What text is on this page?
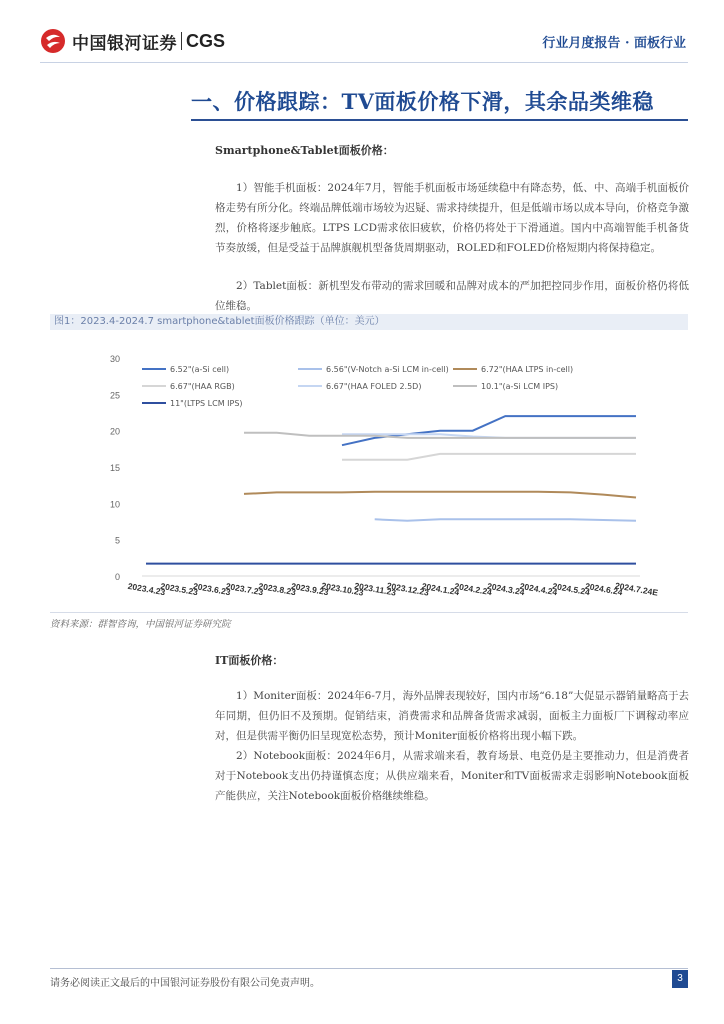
中国银河证券 CGS	行业月度报告 · 面板行业
一、价格跟踪：TV面板价格下滑，其余品类维稳
Smartphone&Tablet面板价格：
1）智能手机面板：2024年7月，智能手机面板市场延续稳中有降态势，低、中、高端手机面板价格走势有所分化。终端品牌低端市场较为迟疑、需求持续提升，但是低端市场以成本导向，价格竞争激烈，价格将逐步触底。LTPS LCD需求依旧疲软，价格仍将处于下滑通道。国内中高端智能手机备货节奏放缓，但是受益于品牌旗舰机型备货周期驱动，ROLED和FOLED价格短期内将保持稳定。
2）Tablet面板：新机型发布带动的需求回暖和品牌对成本的严加把控同步作用，面板价格仍将低位维稳。
图1：2023.4-2024.7 smartphone&tablet面板价格跟踪（单位：美元）
0
5
10
15
20
25
30
2023.4.23
2023.5.23
2023.6.23
2023.7.23
2023.8.23
2023.9.23
2023.10.23
2023.11.23
2023.12.23
2024.1.24
2024.2.24
2024.3.24
2024.4.24
2024.5.24
2024.6.24
2024.7.24E
6.52"(a-Si cell)	6.56"(V-Notch a-Si LCM in-cell)	6.72"(HAA LTPS in-cell)
6.67"(HAA RGB)	6.67"(HAA FOLED 2.5D)	10.1"(a-Si LCM IPS)
11"(LTPS LCM IPS)
资料来源：群智咨询，中国银河证券研究院
IT面板价格：
1）Moniter面板：2024年6-7月，海外品牌表现较好，国内市场“6.18”大促显示器销量略高于去年同期，但仍旧不及预期。促销结束，消费需求和品牌备货需求减弱，面板主力面板厂下调稼动率应对，但是供需平衡仍旧呈现宽松态势，预计Moniter面板价格将出现小幅下跌。
2）Notebook面板：2024年6月，从需求端来看，教育场景、电竞仍是主要推动力，但是消费者对于Notebook支出仍持谨慎态度；从供应端来看，Moniter和TV面板需求走弱影响Notebook面板产能供应，关注Notebook面板价格继续维稳。
请务必阅读正文最后的中国银河证券股份有限公司免责声明。	3
